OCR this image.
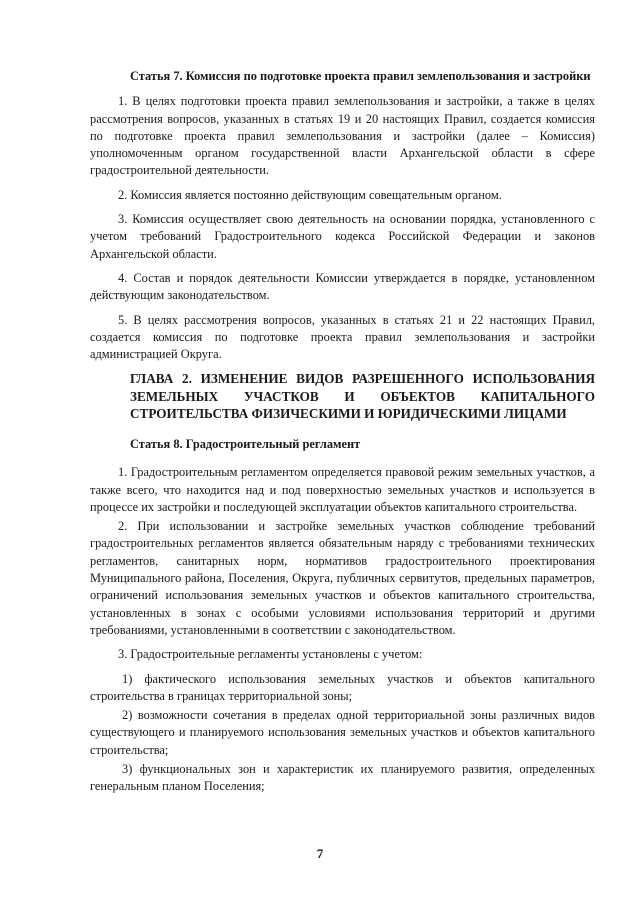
Статья 7. Комиссия по подготовке проекта правил землепользования и застройки
1. В целях подготовки проекта правил землепользования и застройки, а также в целях рассмотрения вопросов, указанных в статьях 19 и 20 настоящих Правил, создается комиссия по подготовке проекта правил землепользования и застройки (далее – Комиссия) уполномоченным органом государственной власти Архангельской области в сфере градостроительной деятельности.
2. Комиссия является постоянно действующим совещательным органом.
3. Комиссия осуществляет свою деятельность на основании порядка, установленного с учетом требований Градостроительного кодекса Российской Федерации и законов Архангельской области.
4. Состав и порядок деятельности Комиссии утверждается в порядке, установленном действующим законодательством.
5. В целях рассмотрения вопросов, указанных в статьях 21 и 22 настоящих Правил, создается комиссия по подготовке проекта правил землепользования и застройки администрацией Округа.
ГЛАВА 2. ИЗМЕНЕНИЕ ВИДОВ РАЗРЕШЕННОГО ИСПОЛЬЗОВАНИЯ ЗЕМЕЛЬНЫХ УЧАСТКОВ И ОБЪЕКТОВ КАПИТАЛЬНОГО СТРОИТЕЛЬСТВА ФИЗИЧЕСКИМИ И ЮРИДИЧЕСКИМИ ЛИЦАМИ
Статья 8. Градостроительный регламент
1. Градостроительным регламентом определяется правовой режим земельных участков, а также всего, что находится над и под поверхностью земельных участков и используется в процессе их застройки и последующей эксплуатации объектов капитального строительства.
2. При использовании и застройке земельных участков соблюдение требований градостроительных регламентов является обязательным наряду с требованиями технических регламентов, санитарных норм, нормативов градостроительного проектирования Муниципального района, Поселения, Округа, публичных сервитутов, предельных параметров, ограничений использования земельных участков и объектов капитального строительства, установленных в зонах с особыми условиями использования территорий и другими требованиями, установленными в соответствии с законодательством.
3. Градостроительные регламенты установлены с учетом:
1) фактического использования земельных участков и объектов капитального строительства в границах территориальной зоны;
2) возможности сочетания в пределах одной территориальной зоны различных видов существующего и планируемого использования земельных участков и объектов капитального строительства;
3) функциональных зон и характеристик их планируемого развития, определенных генеральным планом Поселения;
7
